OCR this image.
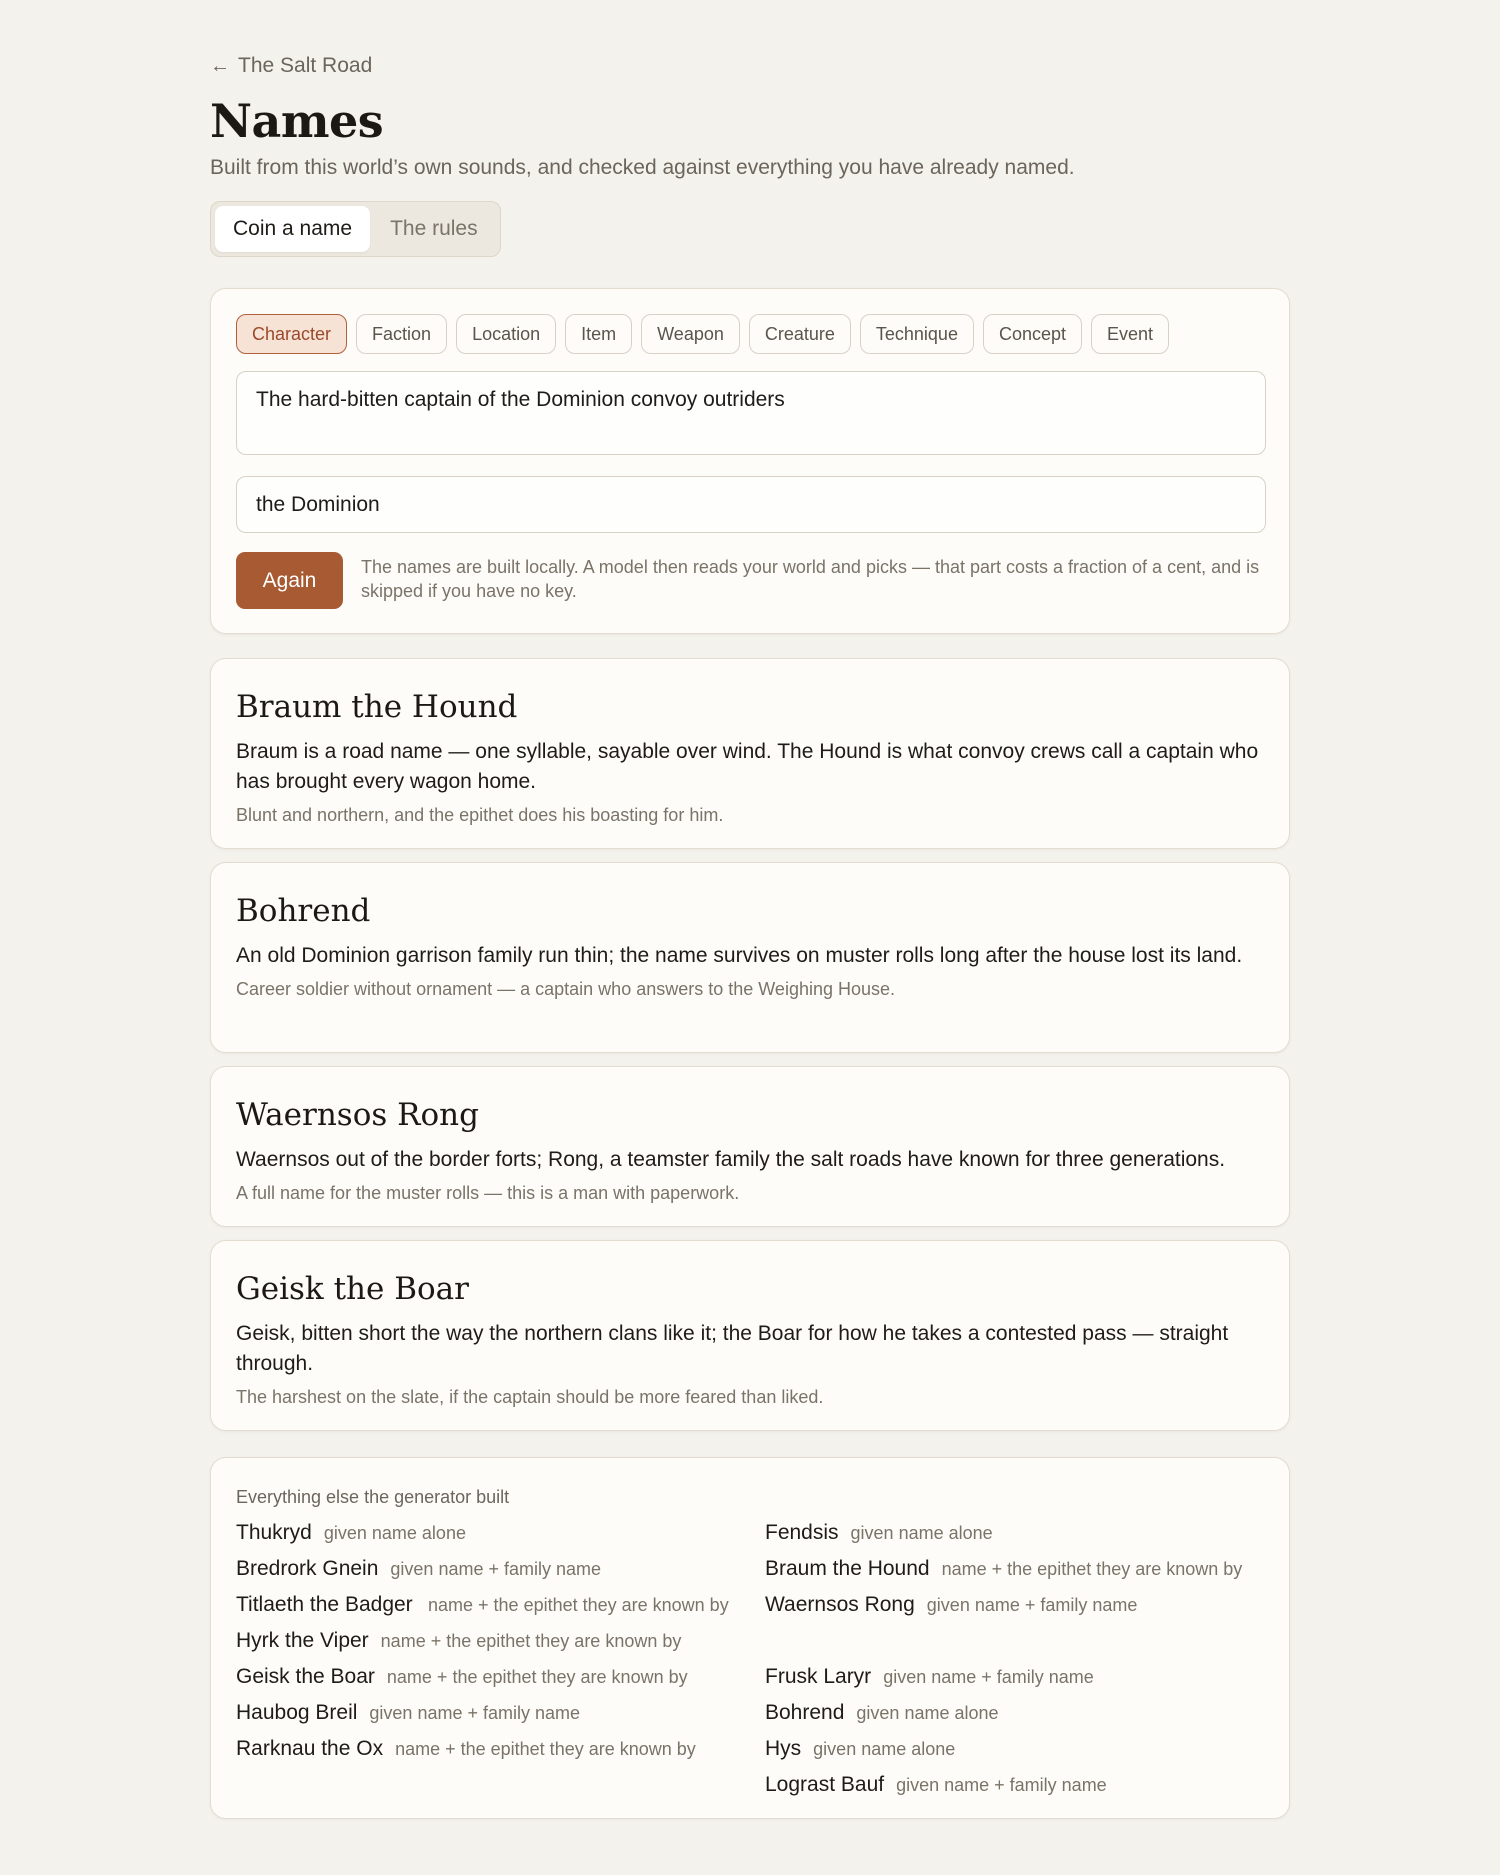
← The Salt Road
Names

Built from this world’s own sounds, and checked against everything you have already named.

Coin a name	The rules
Character	Faction	Location	Item	Weapon	Creature	Technique	Concept	Event
The hard-bitten captain of the Dominion convoy outriders
the Dominion
Again

The names are built locally. A model then reads your world and picks — that part costs a fraction of a cent, and is skipped if you have no key.

Braum the Hound

Braum is a road name — one syllable, sayable over wind. The Hound is what convoy crews call a captain who has brought every wagon home.

Blunt and northern, and the epithet does his boasting for him.

Bohrend

An old Dominion garrison family run thin; the name survives on muster rolls long after the house lost its land.

Career soldier without ornament — a captain who answers to the Weighing House.

Waernsos Rong

Waernsos out of the border forts; Rong, a teamster family the salt roads have known for three generations.

A full name for the muster rolls — this is a man with paperwork.

Geisk the Boar

Geisk, bitten short the way the northern clans like it; the Boar for how he takes a contested pass — straight through.

The harshest on the slate, if the captain should be more feared than liked.

Everything else the generator built
Thukryd given name alone
Bredrork Gnein given name + family name
Titlaeth the Badger name + the epithet they are known by
Hyrk the Viper name + the epithet they are known by
Geisk the Boar name + the epithet they are known by
Haubog Breil given name + family name
Rarknau the Ox name + the epithet they are known by
Fendsis given name alone
Braum the Hound name + the epithet they are known by
Waernsos Rong given name + family name
Frusk Laryr given name + family name
Bohrend given name alone
Hys given name alone
Lograst Bauf given name + family name
